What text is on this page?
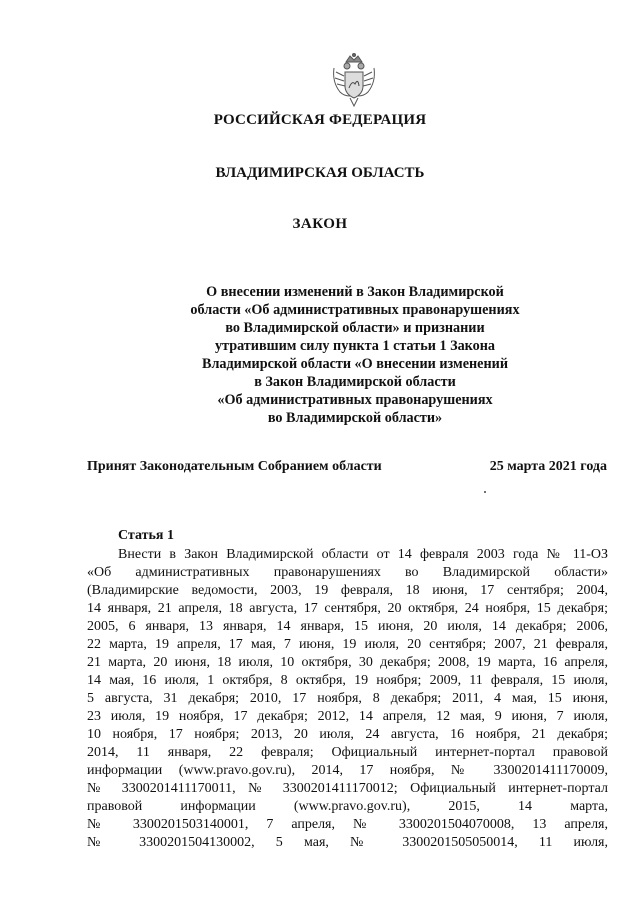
РОССИЙСКАЯ ФЕДЕРАЦИЯ
ВЛАДИМИРСКАЯ ОБЛАСТЬ
ЗАКОН
О внесении изменений в Закон Владимирской
области «Об административных правонарушениях
во Владимирской области» и признании
утратившим силу пункта 1 статьи 1 Закона
Владимирской области «О внесении изменений
в Закон Владимирской области
«Об административных правонарушениях
во Владимирской области»
Принят Законодательным Собранием области	25 марта 2021 года
Статья 1
Внести в Закон Владимирской области от 14 февраля 2003 года № 11-ОЗ
«Об административных правонарушениях во Владимирской области»
(Владимирские ведомости, 2003, 19 февраля, 18 июня, 17 сентября; 2004,
14 января, 21 апреля, 18 августа, 17 сентября, 20 октября, 24 ноября, 15 декабря;
2005, 6 января, 13 января, 14 января, 15 июня, 20 июля, 14 декабря; 2006,
22 марта, 19 апреля, 17 мая, 7 июня, 19 июля, 20 сентября; 2007, 21 февраля,
21 марта, 20 июня, 18 июля, 10 октября, 30 декабря; 2008, 19 марта, 16 апреля,
14 мая, 16 июля, 1 октября, 8 октября, 19 ноября; 2009, 11 февраля, 15 июля,
5 августа, 31 декабря; 2010, 17 ноября, 8 декабря; 2011, 4 мая, 15 июня,
23 июля, 19 ноября, 17 декабря; 2012, 14 апреля, 12 мая, 9 июня, 7 июля,
10 ноября, 17 ноября; 2013, 20 июля, 24 августа, 16 ноября, 21 декабря;
2014, 11 января, 22 февраля; Официальный интернет-портал правовой
информации (www.pravo.gov.ru), 2014, 17 ноября, № 3300201411170009,
№ 3300201411170011, № 3300201411170012; Официальный интернет-портал
правовой информации (www.pravo.gov.ru), 2015, 14 марта,
№ 3300201503140001, 7 апреля, № 3300201504070008, 13 апреля,
№ 3300201504130002, 5 мая, № 3300201505050014, 11 июля,
